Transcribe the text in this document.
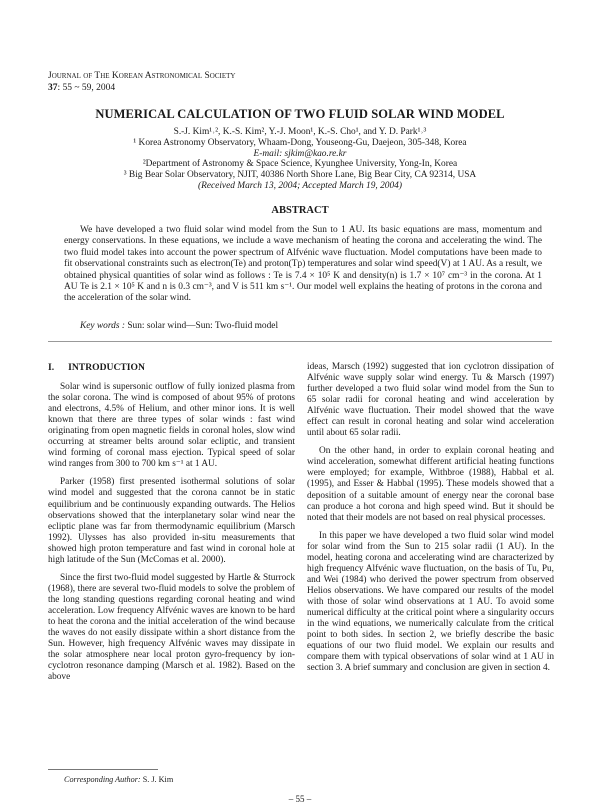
Journal of The Korean Astronomical Society
37: 55 ~ 59, 2004
NUMERICAL CALCULATION OF TWO FLUID SOLAR WIND MODEL
S.-J. Kim¹˒², K.-S. Kim², Y.-J. Moon¹, K.-S. Cho¹, and Y. D. Park¹˒³
¹ Korea Astronomy Observatory, Whaam-Dong, Youseong-Gu, Daejeon, 305-348, Korea
E-mail: sjkim@kao.re.kr
²Department of Astronomy & Space Science, Kyunghee University, Yong-In, Korea
³ Big Bear Solar Observatory, NJIT, 40386 North Shore Lane, Big Bear City, CA 92314, USA
(Received March 13, 2004; Accepted March 19, 2004)
ABSTRACT

We have developed a two fluid solar wind model from the Sun to 1 AU. Its basic equations are mass, momentum and energy conservations. In these equations, we include a wave mechanism of heating the corona and accelerating the wind. The two fluid model takes into account the power spectrum of Alfvénic wave fluctuation. Model computations have been made to fit observational constraints such as electron(Te) and proton(Tp) temperatures and solar wind speed(V) at 1 AU. As a result, we obtained physical quantities of solar wind as follows : Te is 7.4 × 10⁵ K and density(n) is 1.7 × 10⁷ cm⁻³ in the corona. At 1 AU Te is 2.1 × 10⁵ K and n is 0.3 cm⁻³, and V is 511 km s⁻¹. Our model well explains the heating of protons in the corona and the acceleration of the solar wind.

Key words : Sun: solar wind—Sun: Two-fluid model
I. INTRODUCTION

Solar wind is supersonic outflow of fully ionized plasma from the solar corona. The wind is composed of about 95% of protons and electrons, 4.5% of Helium, and other minor ions. It is well known that there are three types of solar winds : fast wind originating from open magnetic fields in coronal holes, slow wind occurring at streamer belts around solar ecliptic, and transient wind forming of coronal mass ejection. Typical speed of solar wind ranges from 300 to 700 km s⁻¹ at 1 AU.

Parker (1958) first presented isothermal solutions of solar wind model and suggested that the corona cannot be in static equilibrium and be continuously expanding outwards. The Helios observations showed that the interplanetary solar wind near the ecliptic plane was far from thermodynamic equilibrium (Marsch 1992). Ulysses has also provided in-situ measurements that showed high proton temperature and fast wind in coronal hole at high latitude of the Sun (McComas et al. 2000).

Since the first two-fluid model suggested by Hartle & Sturrock (1968), there are several two-fluid models to solve the problem of the long standing questions regarding coronal heating and wind acceleration. Low frequency Alfvénic waves are known to be hard to heat the corona and the initial acceleration of the wind because the waves do not easily dissipate within a short distance from the Sun. However, high frequency Alfvénic waves may dissipate in the solar atmosphere near local proton gyro-frequency by ion-cyclotron resonance damping (Marsch et al. 1982). Based on the above

ideas, Marsch (1992) suggested that ion cyclotron dissipation of Alfvénic wave supply solar wind energy. Tu & Marsch (1997) further developed a two fluid solar wind model from the Sun to 65 solar radii for coronal heating and wind acceleration by Alfvénic wave fluctuation. Their model showed that the wave effect can result in coronal heating and solar wind acceleration until about 65 solar radii.

On the other hand, in order to explain coronal heating and wind acceleration, somewhat different artificial heating functions were employed; for example, Withbroe (1988), Habbal et al. (1995), and Esser & Habbal (1995). These models showed that a deposition of a suitable amount of energy near the coronal base can produce a hot corona and high speed wind. But it should be noted that their models are not based on real physical processes.

In this paper we have developed a two fluid solar wind model for solar wind from the Sun to 215 solar radii (1 AU). In the model, heating corona and accelerating wind are characterized by high frequency Alfvénic wave fluctuation, on the basis of Tu, Pu, and Wei (1984) who derived the power spectrum from observed Helios observations. We have compared our results of the model with those of solar wind observations at 1 AU. To avoid some numerical difficulty at the critical point where a singularity occurs in the wind equations, we numerically calculate from the critical point to both sides. In section 2, we briefly describe the basic equations of our two fluid model. We explain our results and compare them with typical observations of solar wind at 1 AU in section 3. A brief summary and conclusion are given in section 4.

Corresponding Author: S. J. Kim
– 55 –
